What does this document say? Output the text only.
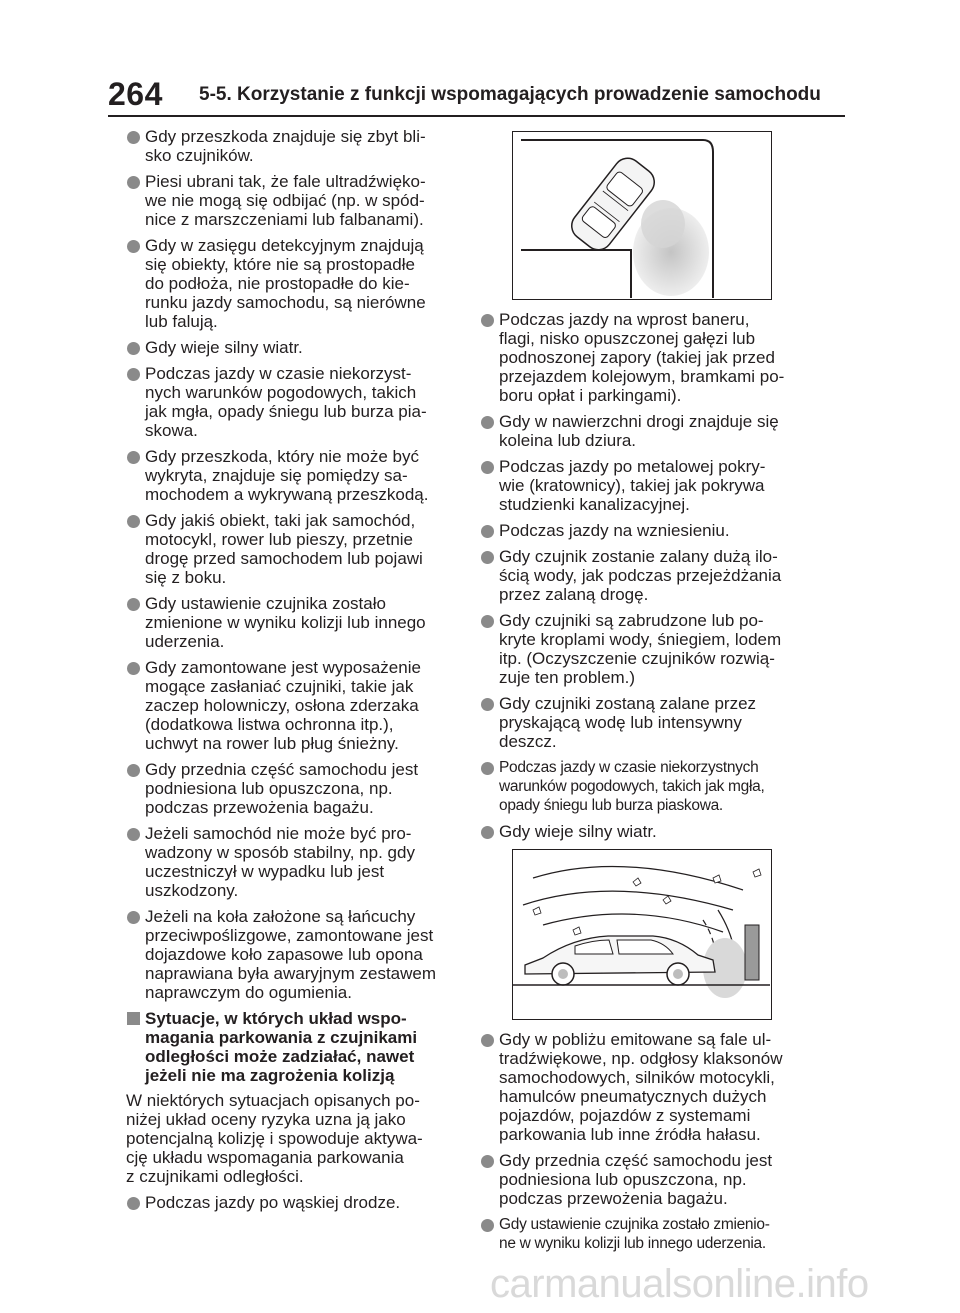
264 5-5. Korzystanie z funkcji wspomagających prowadzenie samochodu
Gdy przeszkoda znajduje się zbyt bli-
sko czujników.
Piesi ubrani tak, że fale ultradźwięko-
we nie mogą się odbijać (np. w spód-
nice z marszczeniami lub falbanami).
Gdy w zasięgu detekcyjnym znajdują
się obiekty, które nie są prostopadłe
do podłoża, nie prostopadłe do kie-
runku jazdy samochodu, są nierówne
lub falują.
Gdy wieje silny wiatr.
Podczas jazdy w czasie niekorzyst-
nych warunków pogodowych, takich
jak mgła, opady śniegu lub burza pia-
skowa.
Gdy przeszkoda, który nie może być
wykryta, znajduje się pomiędzy sa-
mochodem a wykrywaną przeszkodą.
Gdy jakiś obiekt, taki jak samochód,
motocykl, rower lub pieszy, przetnie
drogę przed samochodem lub pojawi
się z boku.
Gdy ustawienie czujnika zostało
zmienione w wyniku kolizji lub innego
uderzenia.
Gdy zamontowane jest wyposażenie
mogące zasłaniać czujniki, takie jak
zaczep holowniczy, osłona zderzaka
(dodatkowa listwa ochronna itp.),
uchwyt na rower lub pług śnieżny.
Gdy przednia część samochodu jest
podniesiona lub opuszczona, np.
podczas przewożenia bagażu.
Jeżeli samochód nie może być pro-
wadzony w sposób stabilny, np. gdy
uczestniczył w wypadku lub jest
uszkodzony.
Jeżeli na koła założone są łańcuchy
przeciwpoślizgowe, zamontowane jest
dojazdowe koło zapasowe lub opona
naprawiana była awaryjnym zestawem
naprawczym do ogumienia.
Sytuacje, w których układ wspo-
magania parkowania z czujnikami
odległości może zadziałać, nawet
jeżeli nie ma zagrożenia kolizją
W niektórych sytuacjach opisanych po-
niżej układ oceny ryzyka uzna ją jako
potencjalną kolizję i spowoduje aktywa-
cję układu wspomagania parkowania
z czujnikami odległości.
Podczas jazdy po wąskiej drodze.
Podczas jazdy na wprost baneru,
flagi, nisko opuszczonej gałęzi lub
podnoszonej zapory (takiej jak przed
przejazdem kolejowym, bramkami po-
boru opłat i parkingami).
Gdy w nawierzchni drogi znajduje się
koleina lub dziura.
Podczas jazdy po metalowej pokry-
wie (kratownicy), takiej jak pokrywa
studzienki kanalizacyjnej.
Podczas jazdy na wzniesieniu.
Gdy czujnik zostanie zalany dużą ilo-
ścią wody, jak podczas przejeżdżania
przez zalaną drogę.
Gdy czujniki są zabrudzone lub po-
kryte kroplami wody, śniegiem, lodem
itp. (Oczyszczenie czujników rozwią-
zuje ten problem.)
Gdy czujniki zostaną zalane przez
pryskającą wodę lub intensywny
deszcz.
Podczas jazdy w czasie niekorzystnych
warunków pogodowych, takich jak mgła,
opady śniegu lub burza piaskowa.
Gdy wieje silny wiatr.
Gdy w pobliżu emitowane są fale ul-
tradźwiękowe, np. odgłosy klaksonów
samochodowych, silników motocykli,
hamulców pneumatycznych dużych
pojazdów, pojazdów z systemami
parkowania lub inne źródła hałasu.
Gdy przednia część samochodu jest
podniesiona lub opuszczona, np.
podczas przewożenia bagażu.
Gdy ustawienie czujnika zostało zmienio-
ne w wyniku kolizji lub innego uderzenia.
carmanualsonline.info
